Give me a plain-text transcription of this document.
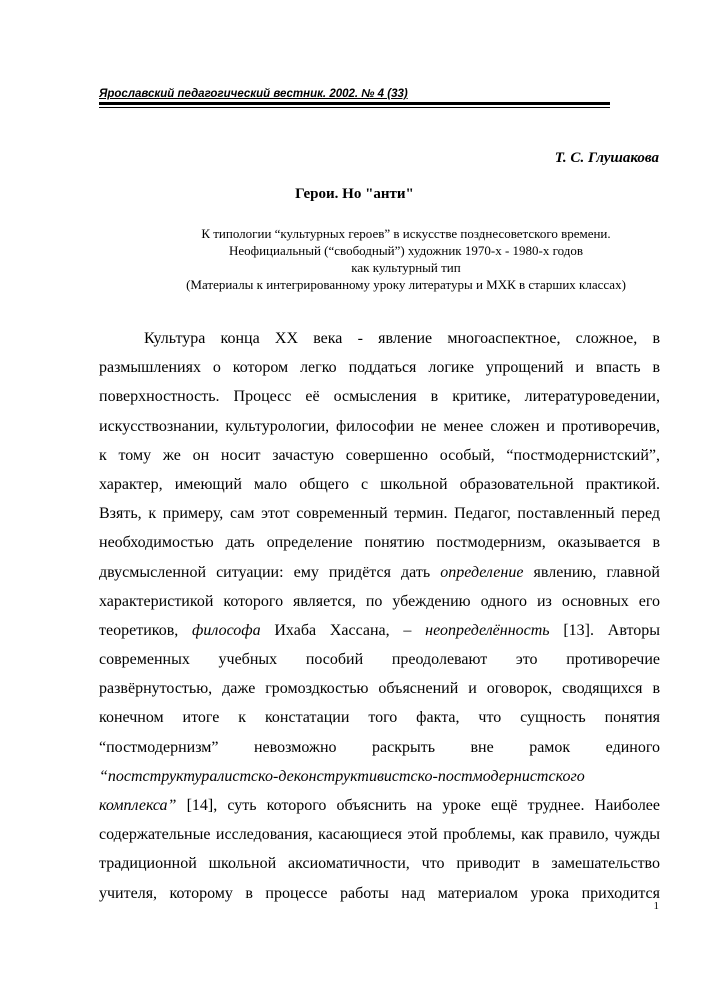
Ярославский педагогический вестник. 2002. № 4 (33)
Т. С. Глушакова
Герои. Но "анти"
К типологии “культурных героев” в искусстве позднесоветского времени.
Неофициальный (“свободный”) художник 1970-х - 1980-х годов
как культурный тип
(Материалы к интегрированному уроку литературы и МХК в старших классах)
Культура конца XX века - явление многоаспектное, сложное, в
размышлениях о котором легко поддаться логике упрощений и впасть в
поверхностность. Процесс её осмысления в критике, литературоведении,
искусствознании, культурологии, философии не менее сложен и противоречив,
к тому же он носит зачастую совершенно особый, “постмодернистский”,
характер, имеющий мало общего с школьной образовательной практикой.
Взять, к примеру, сам этот современный термин. Педагог, поставленный перед
необходимостью дать определение понятию постмодернизм, оказывается в
двусмысленной ситуации: ему придётся дать определение явлению, главной
характеристикой которого является, по убеждению одного из основных его
теоретиков, философа Ихаба Хассана, – неопределённость [13]. Авторы
современных учебных пособий преодолевают это противоречие
развёрнутостью, даже громоздкостью объяснений и оговорок, сводящихся в
конечном итоге к констатации того факта, что сущность понятия
“постмодернизм” невозможно раскрыть вне рамок единого
“постструктуралистско-деконструктивистско-постмодернистского
комплекса” [14], суть которого объяснить на уроке ещё труднее. Наиболее
содержательные исследования, касающиеся этой проблемы, как правило, чужды
традиционной школьной аксиоматичности, что приводит в замешательство
учителя, которому в процессе работы над материалом урока приходится
1
